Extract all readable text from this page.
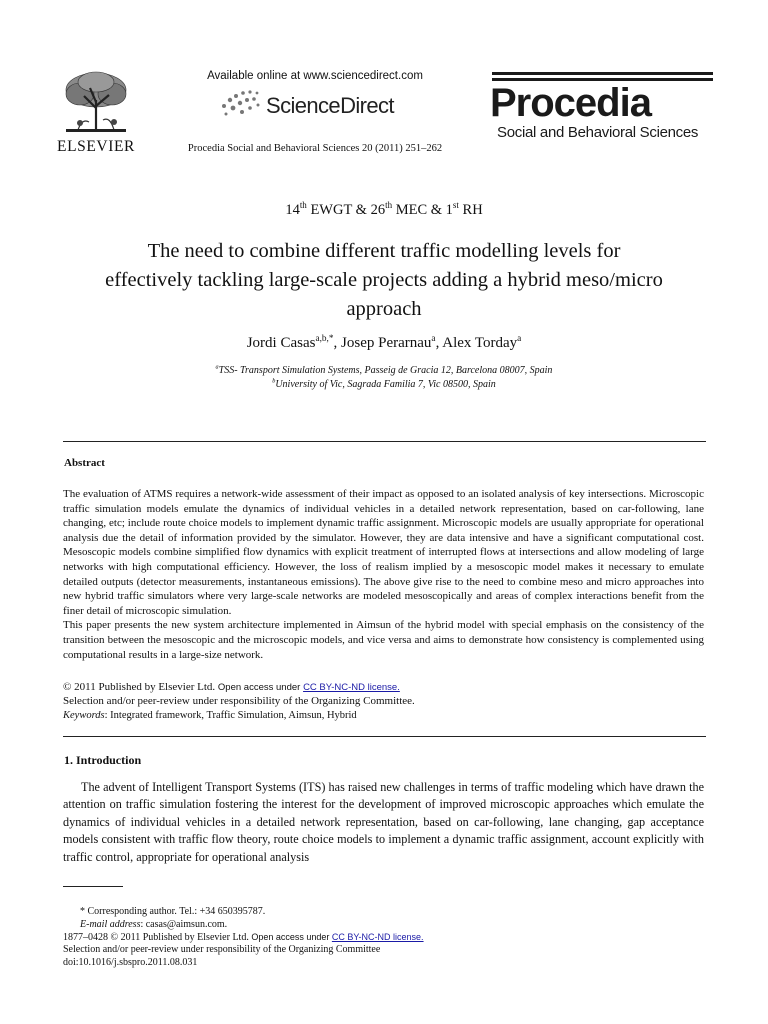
ELSEVIER
Available online at www.sciencedirect.com
ScienceDirect
Procedia Social and Behavioral Sciences 20 (2011) 251–262
Procedia
Social and Behavioral Sciences
14th EWGT & 26th MEC & 1st RH
The need to combine different traffic modelling levels for
effectively tackling large-scale projects adding a hybrid meso/micro
approach
Jordi Casas$^{a,b,*}$, Josep Perarnau$^a$, Alex Torday$^a$
$^a$TSS- Transport Simulation Systems, Passeig de Gracia 12, Barcelona 08007, Spain
$^b$University of Vic, Sagrada Familia 7, Vic 08500, Spain
Abstract

The evaluation of ATMS requires a network-wide assessment of their impact as opposed to an isolated analysis of key intersections. Microscopic traffic simulation models emulate the dynamics of individual vehicles in a detailed network representation, based on car-following, lane changing, etc; include route choice models to implement dynamic traffic assignment. Microscopic models are usually appropriate for operational analysis due the detail of information provided by the simulator. However, they are data intensive and have a significant computational cost. Mesoscopic models combine simplified flow dynamics with explicit treatment of interrupted flows at intersections and allow modeling of large networks with high computational efficiency. However, the loss of realism implied by a mesoscopic model makes it necessary to emulate detailed outputs (detector measurements, instantaneous emissions). The above give rise to the need to combine meso and micro approaches into new hybrid traffic simulators where very large-scale networks are modeled mesoscopically and areas of complex interactions benefit from the finer detail of microscopic simulation.

This paper presents the new system architecture implemented in Aimsun of the hybrid model with special emphasis on the consistency of the transition between the mesoscopic and the microscopic models, and vice versa and aims to demonstrate how consistency is complemented using computational results in a large-size network.

© 2011 Published by Elsevier Ltd. Open access under CC BY-NC-ND license.
Selection and/or peer-review under responsibility of the Organizing Committee.
Keywords: Integrated framework, Traffic Simulation, Aimsun, Hybrid
1. Introduction

The advent of Intelligent Transport Systems (ITS) has raised new challenges in terms of traffic modeling which have drawn the attention on traffic simulation fostering the interest for the development of improved microscopic approaches which emulate the dynamics of individual vehicles in a detailed network representation, based on car-following, lane changing, gap acceptance models consistent with traffic flow theory, route choice models to implement a dynamic traffic assignment, account explicitly with traffic control, appropriate for operational analysis

* Corresponding author. Tel.: +34 650395787.
E-mail address: casas@aimsun.com.
1877–0428 © 2011 Published by Elsevier Ltd. Open access under CC BY-NC-ND license.
Selection and/or peer-review under responsibility of the Organizing Committee
doi:10.1016/j.sbspro.2011.08.031
